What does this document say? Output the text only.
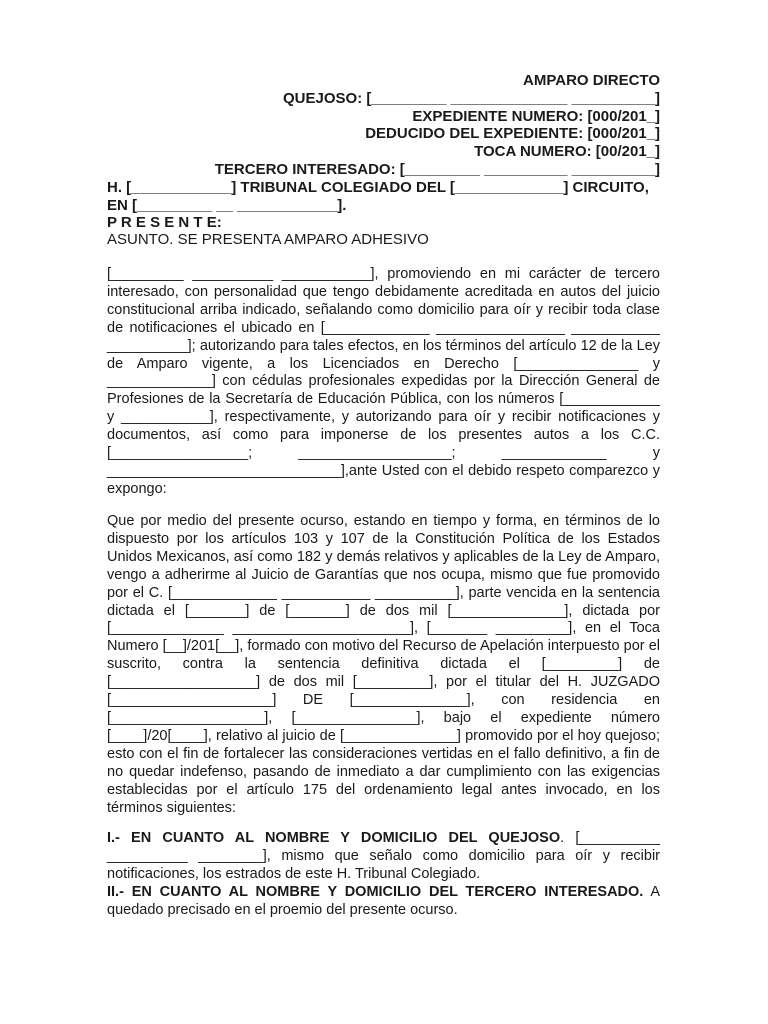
AMPARO DIRECTO
QUEJOSO: [_________ ______________ __________]
EXPEDIENTE NUMERO: [000/201_]
DEDUCIDO DEL EXPEDIENTE: [000/201_]
TOCA NUMERO: [00/201_]
TERCERO INTERESADO: [_________ __________ __________]
H. [____________] TRIBUNAL COLEGIADO DEL [_____________] CIRCUITO,
EN [_________ __ ____________].
P R E S E N T E:
ASUNTO. SE PRESENTA AMPARO ADHESIVO

[_________ __________ ___________], promoviendo en mi carácter de tercero interesado, con personalidad que tengo debidamente acreditada en autos del juicio constitucional arriba indicado, señalando como domicilio para oír y recibir toda clase de notificaciones el ubicado en [_____________ ________________ ___________ __________]; autorizando para tales efectos, en los términos del artículo 12 de la Ley de Amparo vigente, a los Licenciados en Derecho [_______________ y _____________] con cédulas profesionales expedidas por la Dirección General de Profesiones de la Secretaría de Educación Pública, con los números [____________ y ___________], respectivamente, y autorizando para oír y recibir notificaciones y documentos, así como para imponerse de los presentes autos a los C.C. [_________________; ___________________; _____________ y _____________________________],ante Usted con el debido respeto comparezco y expongo:

Que por medio del presente ocurso, estando en tiempo y forma, en términos de lo dispuesto por los artículos 103 y 107 de la Constitución Política de los Estados Unidos Mexicanos, así como 182 y demás relativos y aplicables de la Ley de Amparo, vengo a adherirme al Juicio de Garantías que nos ocupa, mismo que fue promovido por el C. [_____________ ___________ __________], parte vencida en la sentencia dictada el [_______] de [_______] de dos mil [______________], dictada por [______________ ______________________], [_______ _________], en el Toca Numero [__]/201[__], formado con motivo del Recurso de Apelación interpuesto por el suscrito, contra la sentencia definitiva dictada el [_________] de [__________________] de dos mil [_________], por el titular del H. JUZGADO [____________________] DE [______________], con residencia en [___________________], [_______________], bajo el expediente número [____]/20[____], relativo al juicio de [______________] promovido por el hoy quejoso; esto con el fin de fortalecer las consideraciones vertidas en el fallo definitivo, a fin de no quedar indefenso, pasando de inmediato a dar cumplimiento con las exigencias establecidas por el artículo 175 del ordenamiento legal antes invocado, en los términos siguientes:

I.- EN CUANTO AL NOMBRE Y DOMICILIO DEL QUEJOSO. [__________ __________ ________], mismo que señalo como domicilio para oír y recibir notificaciones, los estrados de este H. Tribunal Colegiado.

II.- EN CUANTO AL NOMBRE Y DOMICILIO DEL TERCERO INTERESADO. A quedado precisado en el proemio del presente ocurso.
